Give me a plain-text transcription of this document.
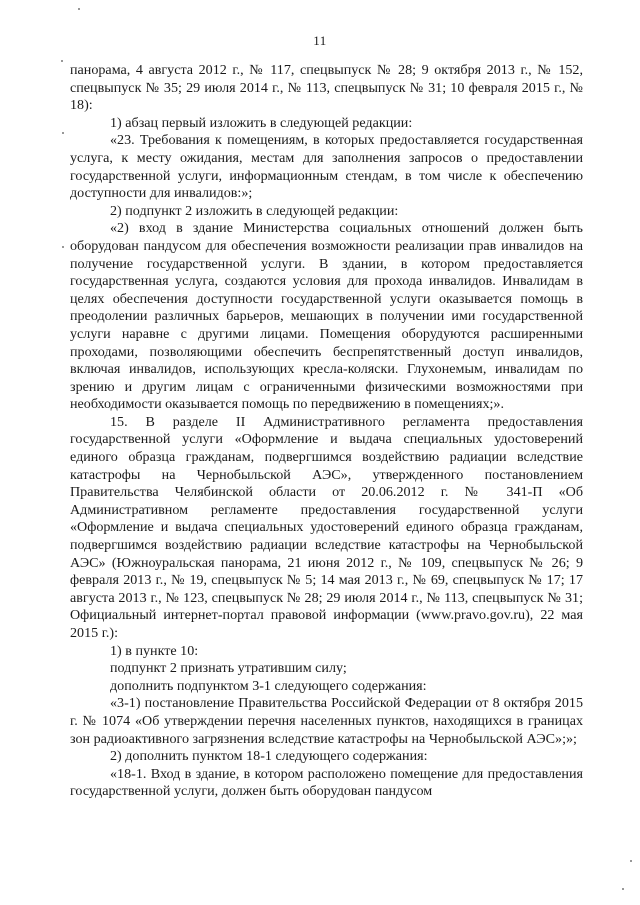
11

панорама, 4 августа 2012 г., № 117, спецвыпуск № 28; 9 октября 2013 г., № 152, спецвыпуск № 35; 29 июля 2014 г., № 113, спецвыпуск № 31; 10 февраля 2015 г., № 18):

1) абзац первый изложить в следующей редакции:

«23. Требования к помещениям, в которых предоставляется государственная услуга, к месту ожидания, местам для заполнения запросов о предоставлении государственной услуги, информационным стендам, в том числе к обеспечению доступности для инвалидов:»;

2) подпункт 2 изложить в следующей редакции:

«2) вход в здание Министерства социальных отношений должен быть оборудован пандусом для обеспечения возможности реализации прав инвалидов на получение государственной услуги. В здании, в котором предоставляется государственная услуга, создаются условия для прохода инвалидов. Инвалидам в целях обеспечения доступности государственной услуги оказывается помощь в преодолении различных барьеров, мешающих в получении ими государственной услуги наравне с другими лицами. Помещения оборудуются расширенными проходами, позволяющими обеспечить беспрепятственный доступ инвалидов, включая инвалидов, использующих кресла-коляски. Глухонемым, инвалидам по зрению и другим лицам с ограниченными физическими возможностями при необходимости оказывается помощь по передвижению в помещениях;».

15. В разделе II Административного регламента предоставления государственной услуги «Оформление и выдача специальных удостоверений единого образца гражданам, подвергшимся воздействию радиации вследствие катастрофы на Чернобыльской АЭС», утвержденного постановлением Правительства Челябинской области от 20.06.2012 г. № 341-П «Об Административном регламенте предоставления государственной услуги «Оформление и выдача специальных удостоверений единого образца гражданам, подвергшимся воздействию радиации вследствие катастрофы на Чернобыльской АЭС» (Южноуральская панорама, 21 июня 2012 г., № 109, спецвыпуск № 26; 9 февраля 2013 г., № 19, спецвыпуск № 5; 14 мая 2013 г., № 69, спецвыпуск № 17; 17 августа 2013 г., № 123, спецвыпуск № 28; 29 июля 2014 г., № 113, спецвыпуск № 31; Официальный интернет-портал правовой информации (www.pravo.gov.ru), 22 мая 2015 г.):

1) в пункте 10:

подпункт 2 признать утратившим силу;

дополнить подпунктом 3-1 следующего содержания:

«3-1) постановление Правительства Российской Федерации от 8 октября 2015 г. № 1074 «Об утверждении перечня населенных пунктов, находящихся в границах зон радиоактивного загрязнения вследствие катастрофы на Чернобыльской АЭС»;»;

2) дополнить пунктом 18-1 следующего содержания:

«18-1. Вход в здание, в котором расположено помещение для предоставления государственной услуги, должен быть оборудован пандусом
